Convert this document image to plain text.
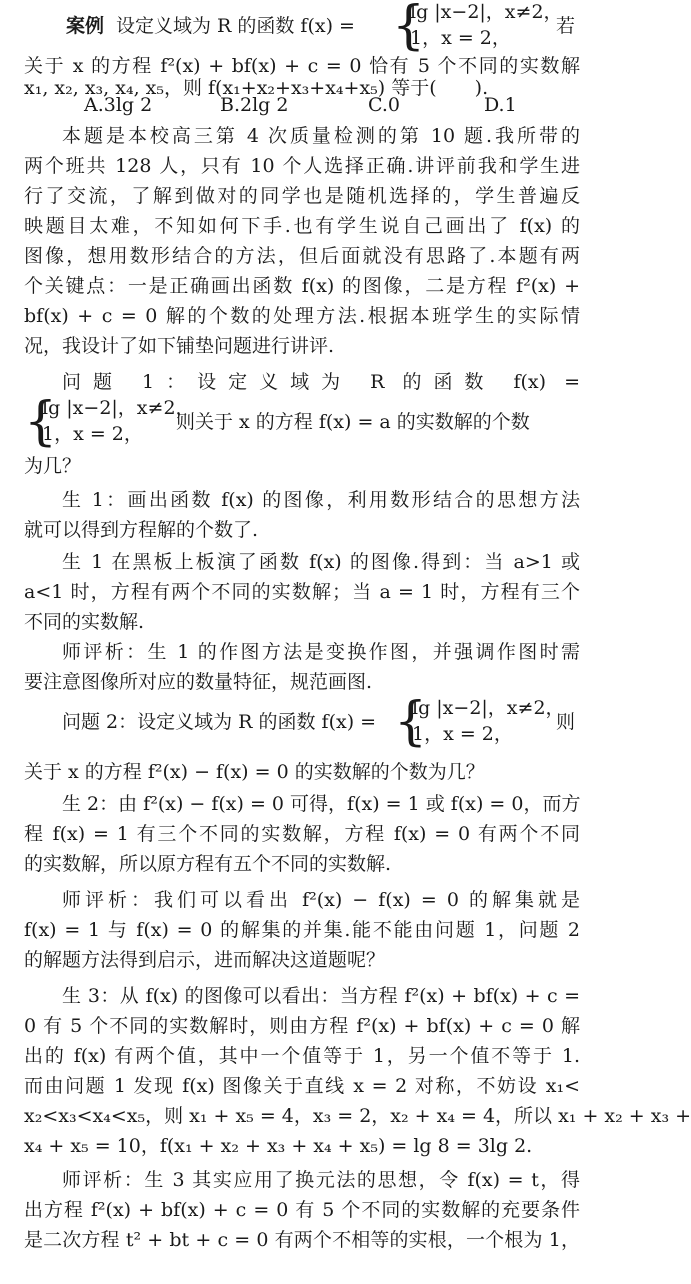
案例 设定义域为 R 的函数 f(x) = {
lg |x−2|，x≠2，
1，x = 2，
若
关于 x 的方程 f²(x) + bf(x) + c = 0 恰有 5 个不同的实数解
x₁, x₂, x₃, x₄, x₅，则 f(x₁+x₂+x₃+x₄+x₅) 等于(　　).
A.3lg 2	B.2lg 2	C.0	D.1
本题是本校高三第 4 次质量检测的第 10 题.我所带的
两个班共 128 人，只有 10 个人选择正确.讲评前我和学生进
行了交流，了解到做对的同学也是随机选择的，学生普遍反
映题目太难，不知如何下手.也有学生说自己画出了 f(x) 的
图像，想用数形结合的方法，但后面就没有思路了.本题有两
个关键点：一是正确画出函数 f(x) 的图像，二是方程 f²(x) +
bf(x) + c = 0 解的个数的处理方法.根据本班学生的实际情
况，我设计了如下铺垫问题进行讲评.
问题 1：设定义域为 R 的函数 f(x) =
{
lg |x−2|，x≠2，
1，x = 2，
则关于 x 的方程 f(x) = a 的实数解的个数
为几？
生 1：画出函数 f(x) 的图像，利用数形结合的思想方法
就可以得到方程解的个数了.
生 1 在黑板上板演了函数 f(x) 的图像.得到：当 a>1 或
a<1 时，方程有两个不同的实数解；当 a = 1 时，方程有三个
不同的实数解.
师评析：生 1 的作图方法是变换作图，并强调作图时需
要注意图像所对应的数量特征，规范画图.
问题 2：设定义域为 R 的函数 f(x) = {
lg |x−2|，x≠2，
1，x = 2，
则
关于 x 的方程 f²(x) − f(x) = 0 的实数解的个数为几？
生 2：由 f²(x) − f(x) = 0 可得，f(x) = 1 或 f(x) = 0，而方
程 f(x) = 1 有三个不同的实数解，方程 f(x) = 0 有两个不同
的实数解，所以原方程有五个不同的实数解.
师评析：我们可以看出 f²(x) − f(x) = 0 的解集就是
f(x) = 1 与 f(x) = 0 的解集的并集.能不能由问题 1，问题 2
的解题方法得到启示，进而解决这道题呢？
生 3：从 f(x) 的图像可以看出：当方程 f²(x) + bf(x) + c =
0 有 5 个不同的实数解时，则由方程 f²(x) + bf(x) + c = 0 解
出的 f(x) 有两个值，其中一个值等于 1，另一个值不等于 1.
而由问题 1 发现 f(x) 图像关于直线 x = 2 对称，不妨设 x₁<
x₂<x₃<x₄<x₅，则 x₁ + x₅ = 4，x₃ = 2，x₂ + x₄ = 4，所以 x₁ + x₂ + x₃ +
x₄ + x₅ = 10，f(x₁ + x₂ + x₃ + x₄ + x₅) = lg 8 = 3lg 2.
师评析：生 3 其实应用了换元法的思想，令 f(x) = t，得
出方程 f²(x) + bf(x) + c = 0 有 5 个不同的实数解的充要条件
是二次方程 t² + bt + c = 0 有两个不相等的实根，一个根为 1，
